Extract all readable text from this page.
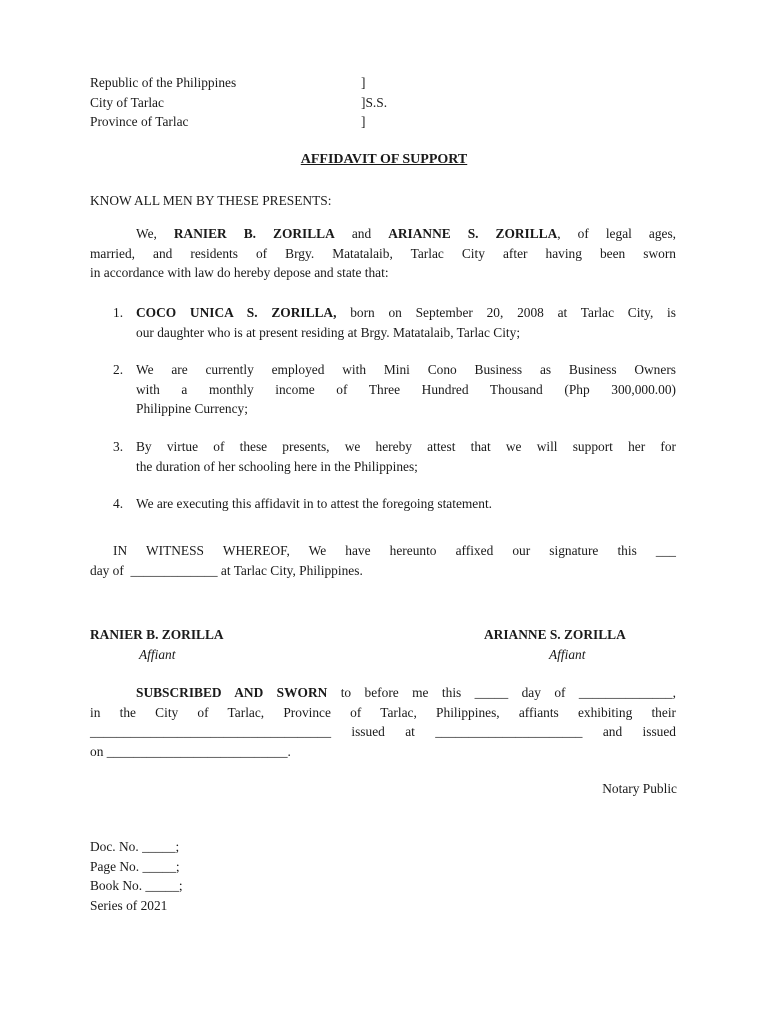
Republic of the Philippines
City of Tarlac
Province of Tarlac
]
]S.S.
]
AFFIDAVIT OF SUPPORT
KNOW ALL MEN BY THESE PRESENTS:
We, RANIER B. ZORILLA and ARIANNE S. ZORILLA, of legal ages,
married, and residents of Brgy. Matatalaib, Tarlac City after having been sworn
in accordance with law do hereby depose and state that:
1. COCO UNICA S. ZORILLA, born on September 20, 2008 at Tarlac City, is
our daughter who is at present residing at Brgy. Matatalaib, Tarlac City;
2. We are currently employed with Mini Cono Business as Business Owners
with a monthly income of Three Hundred Thousand (Php 300,000.00)
Philippine Currency;
3. By virtue of these presents, we hereby attest that we will support her for
the duration of her schooling here in the Philippines;
4. We are executing this affidavit in to attest the foregoing statement.
IN WITNESS WHEREOF, We have hereunto affixed our signature this ___
day of  _____________ at Tarlac City, Philippines.
RANIER B. ZORILLA
Affiant
ARIANNE S. ZORILLA
Affiant
SUBSCRIBED AND SWORN to before me this _____ day of ______________,
in the City of Tarlac, Province of Tarlac, Philippines, affiants exhibiting their
____________________________________ issued at ______________________ and issued
on ___________________________.
Notary Public
Doc. No. _____;
Page No. _____;
Book No. _____;
Series of 2021
